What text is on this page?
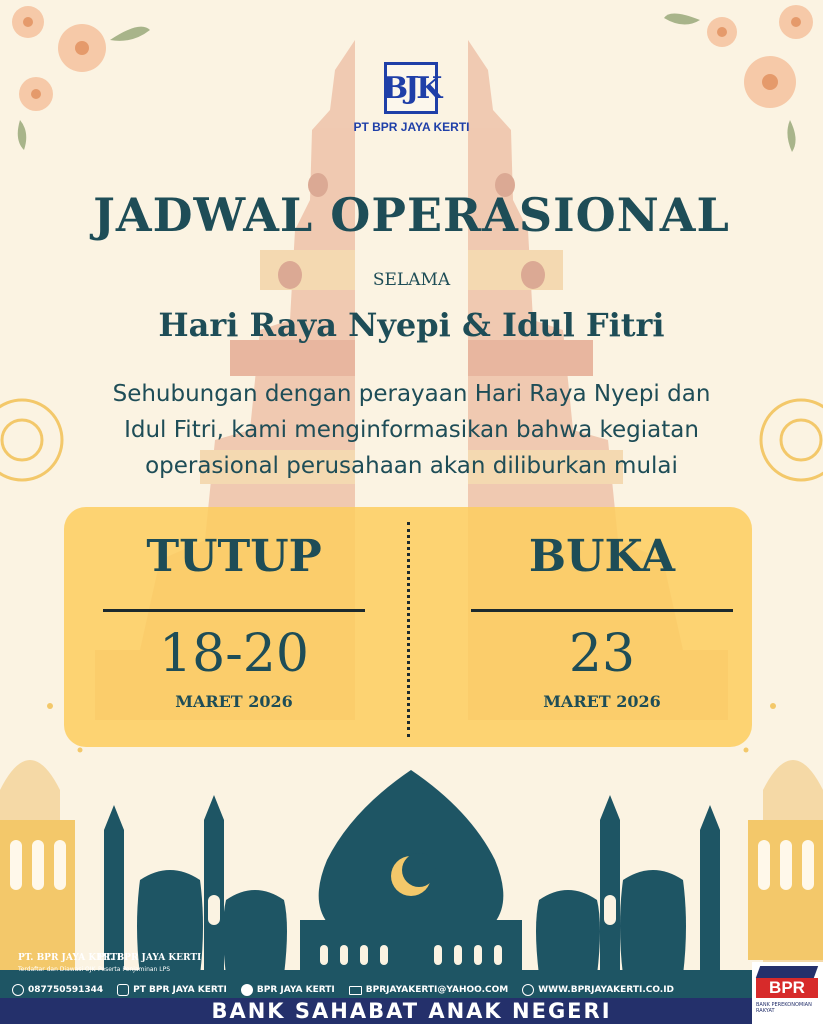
BJK
PT BPR JAYA KERTI
JADWAL OPERASIONAL
SELAMA
Hari Raya Nyepi & Idul Fitri
Sehubungan dengan perayaan Hari Raya Nyepi dan
Idul Fitri, kami menginformasikan bahwa kegiatan
operasional perusahaan akan diliburkan mulai
TUTUP
18-20
MARET 2026
BUKA
23
MARET 2026
PT. BPR JAYA KERTI
Terdaftar dan Diawasi OJK
PT. BPR JAYA KERTI
Peserta Penjaminan LPS
087750591344	PT BPR JAYA KERTI	BPR JAYA KERTI	BPRJAYAKERTI@YAHOO.COM	WWW.BPRJAYAKERTI.CO.ID
BANK SAHABAT ANAK NEGERI
BPR
BANK PEREKONOMIAN RAKYAT
